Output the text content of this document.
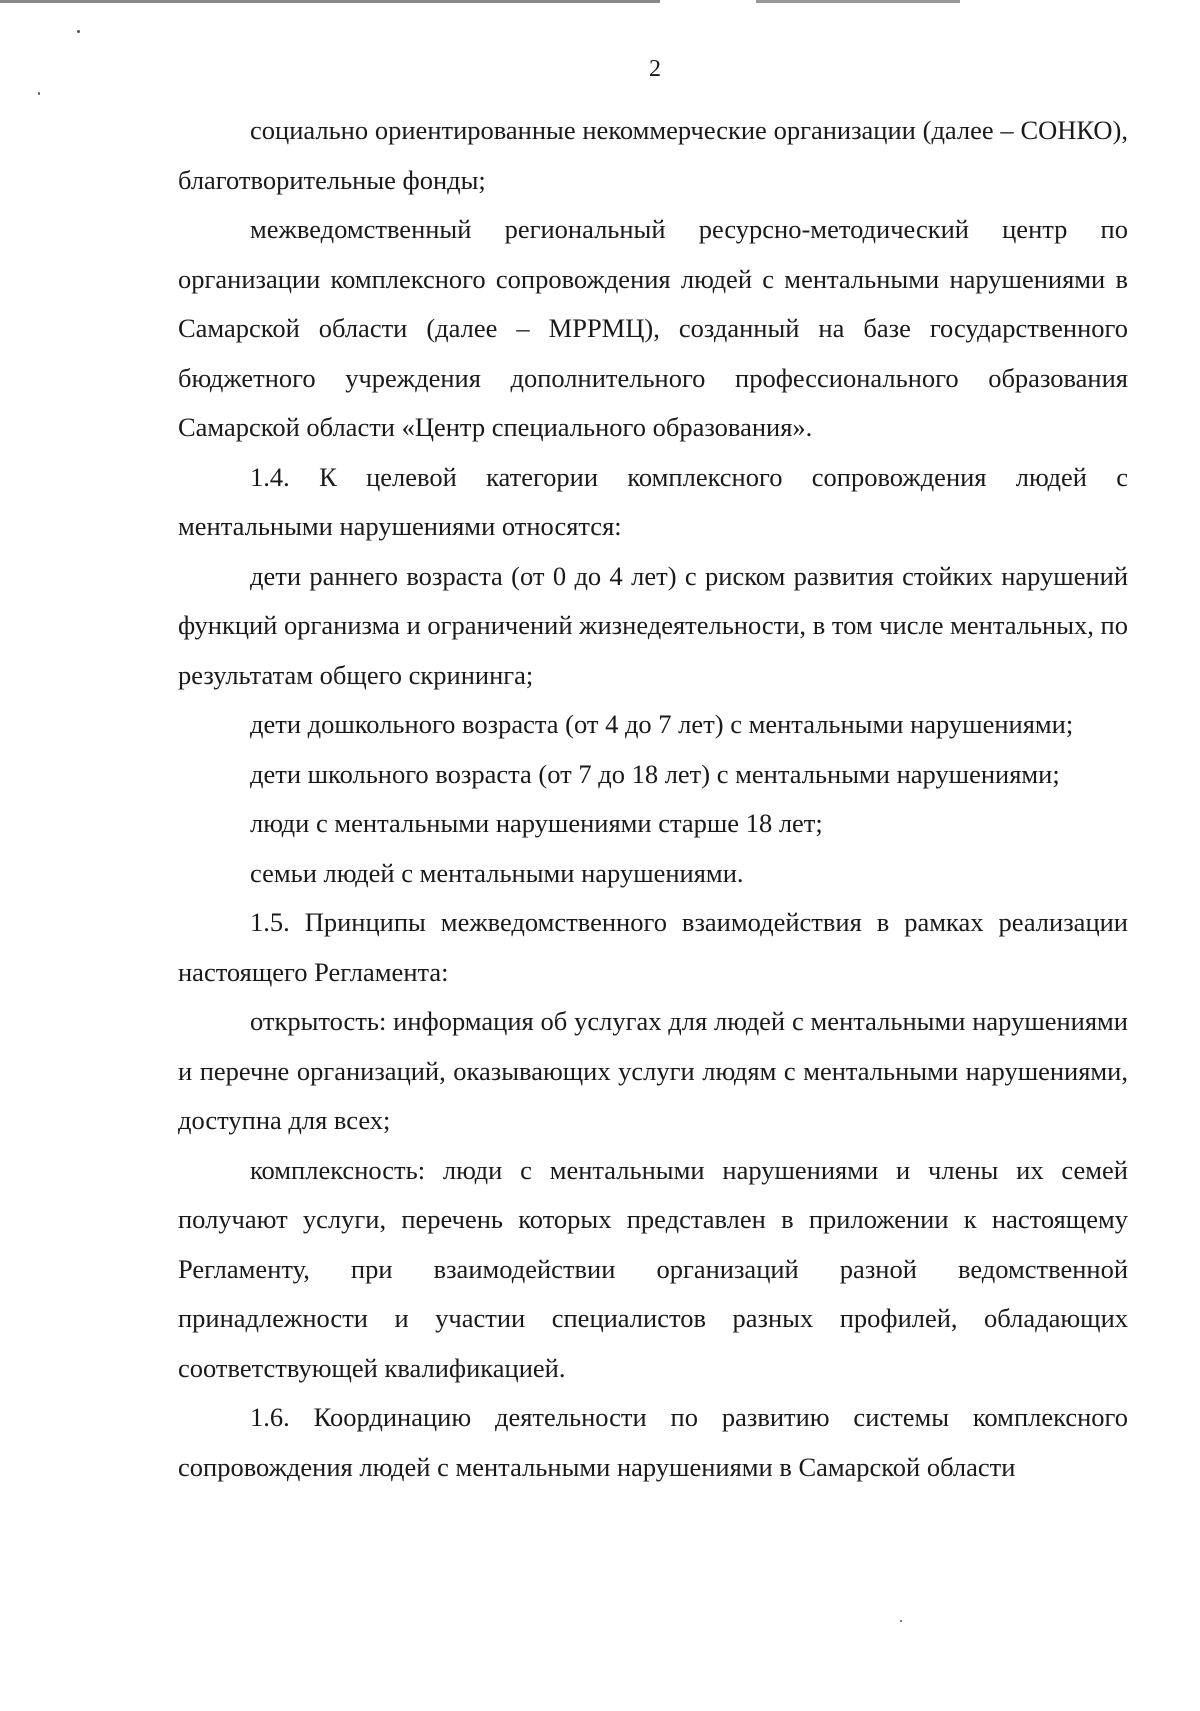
2

социально ориентированные некоммерческие организации (далее – СОНКО), благотворительные фонды;

межведомственный региональный ресурсно-методический центр по организации комплексного сопровождения людей с ментальными нарушениями в Самарской области (далее – МРРМЦ), созданный на базе государственного бюджетного учреждения дополнительного профессионального образования Самарской области «Центр специального образования».

1.4. К целевой категории комплексного сопровождения людей с ментальными нарушениями относятся:

дети раннего возраста (от 0 до 4 лет) с риском развития стойких нарушений функций организма и ограничений жизнедеятельности, в том числе ментальных, по результатам общего скрининга;

дети дошкольного возраста (от 4 до 7 лет) с ментальными нарушениями;

дети школьного возраста (от 7 до 18 лет) с ментальными нарушениями;

люди с ментальными нарушениями старше 18 лет;

семьи людей с ментальными нарушениями.

1.5. Принципы межведомственного взаимодействия в рамках реализации настоящего Регламента:

открытость: информация об услугах для людей с ментальными нарушениями и перечне организаций, оказывающих услуги людям с ментальными нарушениями, доступна для всех;

комплексность: люди с ментальными нарушениями и члены их семей получают услуги, перечень которых представлен в приложении к настоящему Регламенту, при взаимодействии организаций разной ведомственной принадлежности и участии специалистов разных профилей, обладающих соответствующей квалификацией.

1.6. Координацию деятельности по развитию системы комплексного сопровождения людей с ментальными нарушениями в Самарской области
